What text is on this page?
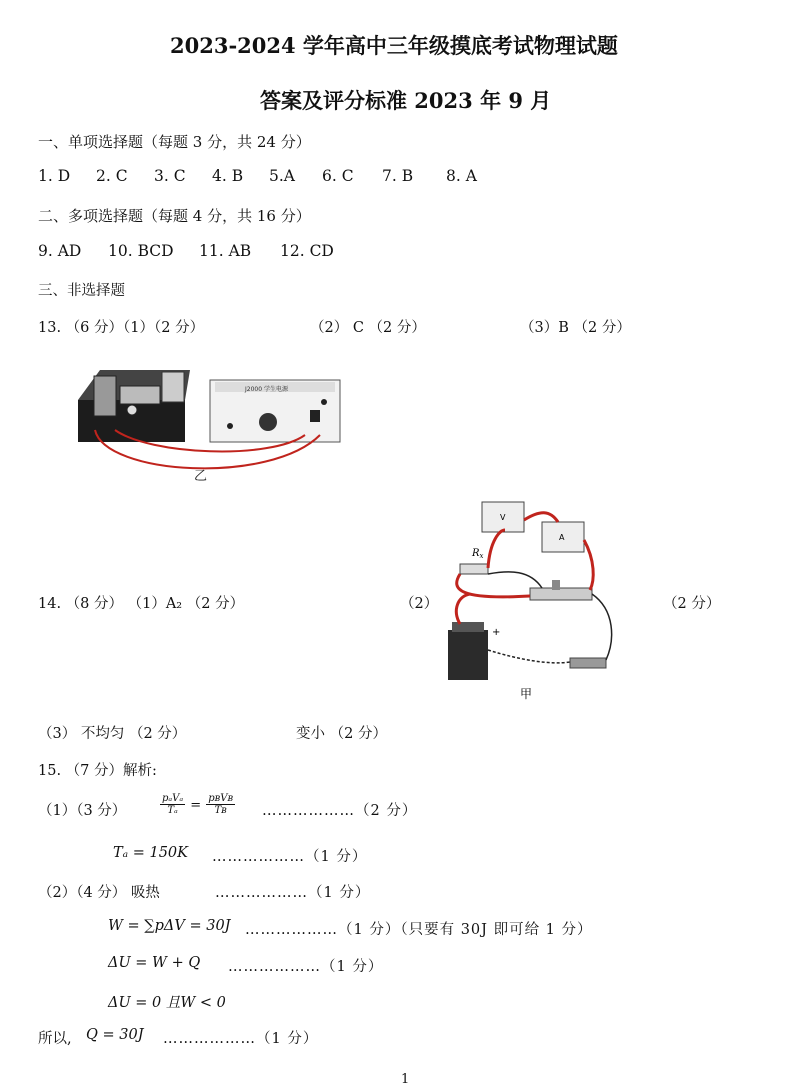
2023-2024 学年高中三年级摸底考试物理试题
答案及评分标准 2023 年 9 月
一、单项选择题（每题 3 分，共 24 分）
1. D 2. C 3. C 4. B 5.A 6. C 7. B 8. A
二、多项选择题（每题 4 分，共 16 分）
9. AD 10. BCD 11. AB 12. CD
三、非选择题
13. （6 分）（1）（2 分）	（2） C （2 分）	（3）B （2 分）
J2000 学生电源
乙
14. （8 分） （1）A₂ （2 分）	（2）	（2 分）
V
A
$R_x$
+
甲
（3） 不均匀 （2 分）	变小 （2 分）
15. （7 分）解析:
（1）（3 分）	$\frac{\text{pₐVₐ}}{\text{Tₐ}} = \frac{\text{pʙVʙ}}{\text{Tʙ}}$ ………………（2 分）
Tₐ = 150K ………………（1 分）
（2）（4 分） 吸热	………………（1 分）
W = ∑pΔV = 30J ………………（1 分）（只要有 30J 即可给 1 分）
ΔU = W + Q ………………（1 分）
ΔU = 0 且W < 0
所以, Q = 30J ………………（1 分）
1
